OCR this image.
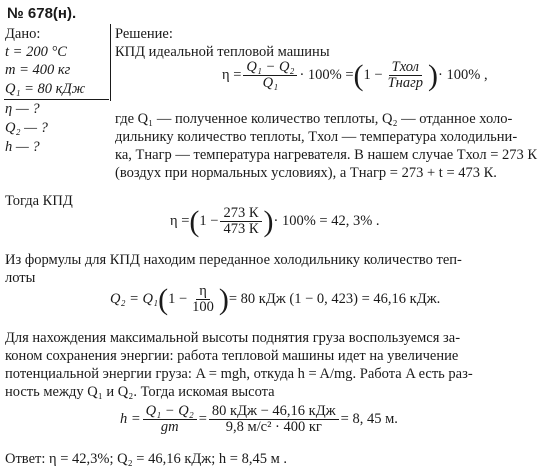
№ 678(н).
Дано:
t = 200 °С
m = 400 кг
Q₁ = 80 кДж
η — ?
Q₂ — ?
h — ?
Решение:
КПД идеальной тепловой машины
$\eta = \frac{\text{Q₁ − Q₂}}{\text{Q₁}} \cdot 100\%$ = ( $1 - \frac{\text{Tхол}}{\text{Tнагр}}$ ) · 100% ,
где Q₁ — полученное количество теплоты, Q₂ — отданное холо-
дильнику количество теплоты, Tхол — температура холодильни-
ка, Tнагр — температура нагревателя. В нашем случае Tхол = 273 К
(воздух при нормальных условиях), а Tнагр = 273 + t = 473 К.
Тогда КПД
η = ( $1 - \frac{273 К}{473 К}$ ) · 100% = 42, 3% .
Из формулы для КПД находим переданное холодильнику количество теп-
лоты
Q₂ = Q₁ ( $1 - \frac{\eta}{100}$ ) = 80 кДж (1 − 0, 423) = 46,16 кДж.
Для нахождения максимальной высоты поднятия груза воспользуемся за-
коном сохранения энергии: работа тепловой машины идет на увеличение
потенциальной энергии груза: A = mgh, откуда h = A/mg. Работа A есть раз-
ность между Q₁ и Q₂. Тогда искомая высота
$h = \frac{\text{Q₁ − Q₂}}{gm} = \frac{\text{80 кДж − 46,16 кДж}}{\text{9,8 м/с² · 400 кг}} = 8$, 45 м.
Ответ: η = 42,3%; Q₂ = 46,16 кДж; h = 8,45 м .
